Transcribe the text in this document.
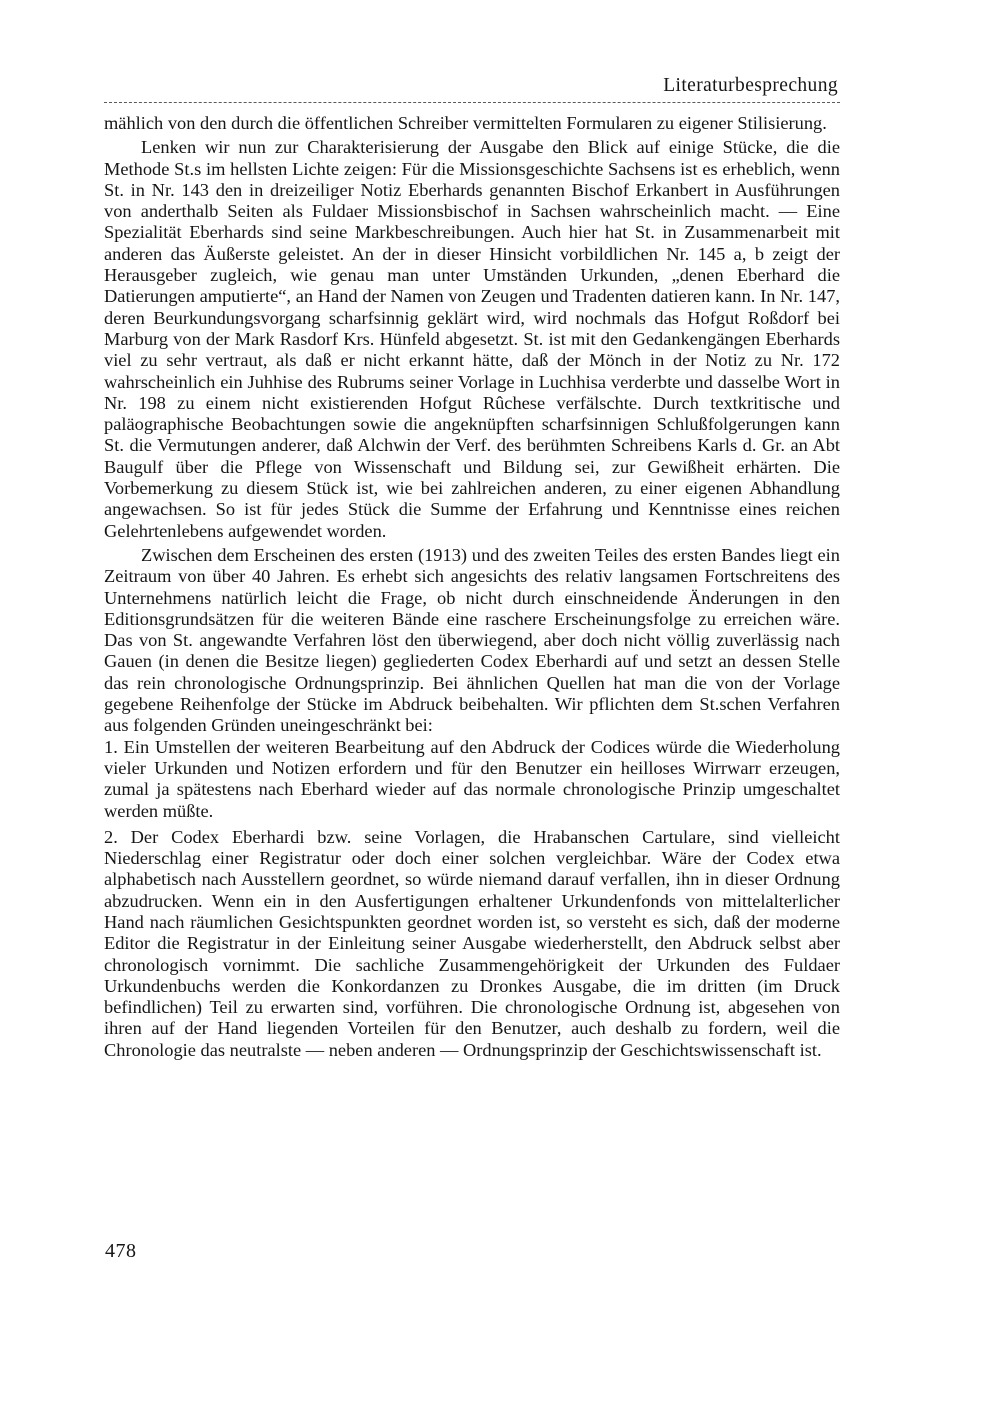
Literaturbesprechung

mählich von den durch die öffentlichen Schreiber vermittelten Formularen zu eigener Stilisierung.

Lenken wir nun zur Charakterisierung der Ausgabe den Blick auf einige Stücke, die die Methode St.s im hellsten Lichte zeigen: Für die Missionsgeschichte Sachsens ist es erheblich, wenn St. in Nr. 143 den in dreizeiliger Notiz Eberhards genannten Bischof Erkanbert in Ausführungen von anderthalb Seiten als Fuldaer Missionsbischof in Sachsen wahrscheinlich macht. — Eine Spezialität Eberhards sind seine Markbeschreibungen. Auch hier hat St. in Zusammenarbeit mit anderen das Äußerste geleistet. An der in dieser Hinsicht vorbildlichen Nr. 145 a, b zeigt der Herausgeber zugleich, wie genau man unter Umständen Urkunden, „denen Eberhard die Datierungen amputierte“, an Hand der Namen von Zeugen und Tradenten datieren kann. In Nr. 147, deren Beurkundungsvorgang scharfsinnig geklärt wird, wird nochmals das Hofgut Roßdorf bei Marburg von der Mark Rasdorf Krs. Hünfeld abgesetzt. St. ist mit den Gedankengängen Eberhards viel zu sehr vertraut, als daß er nicht erkannt hätte, daß der Mönch in der Notiz zu Nr. 172 wahrscheinlich ein Juhhise des Rubrums seiner Vorlage in Luchhisa verderbte und dasselbe Wort in Nr. 198 zu einem nicht existierenden Hofgut Rûchese verfälschte. Durch textkritische und paläographische Beobachtungen sowie die angeknüpften scharfsinnigen Schlußfolgerungen kann St. die Vermutungen anderer, daß Alchwin der Verf. des berühmten Schreibens Karls d. Gr. an Abt Baugulf über die Pflege von Wissenschaft und Bildung sei, zur Gewißheit erhärten. Die Vorbemerkung zu diesem Stück ist, wie bei zahlreichen anderen, zu einer eigenen Abhandlung angewachsen. So ist für jedes Stück die Summe der Erfahrung und Kenntnisse eines reichen Gelehrtenlebens aufgewendet worden.

Zwischen dem Erscheinen des ersten (1913) und des zweiten Teiles des ersten Bandes liegt ein Zeitraum von über 40 Jahren. Es erhebt sich angesichts des relativ langsamen Fortschreitens des Unternehmens natürlich leicht die Frage, ob nicht durch einschneidende Änderungen in den Editionsgrundsätzen für die weiteren Bände eine raschere Erscheinungsfolge zu erreichen wäre. Das von St. angewandte Verfahren löst den überwiegend, aber doch nicht völlig zuverlässig nach Gauen (in denen die Besitze liegen) gegliederten Codex Eberhardi auf und setzt an dessen Stelle das rein chronologische Ordnungsprinzip. Bei ähnlichen Quellen hat man die von der Vorlage gegebene Reihenfolge der Stücke im Abdruck beibehalten. Wir pflichten dem St.schen Verfahren aus folgenden Gründen uneingeschränkt bei:

1. Ein Umstellen der weiteren Bearbeitung auf den Abdruck der Codices würde die Wiederholung vieler Urkunden und Notizen erfordern und für den Benutzer ein heilloses Wirrwarr erzeugen, zumal ja spätestens nach Eberhard wieder auf das normale chronologische Prinzip umgeschaltet werden müßte.

2. Der Codex Eberhardi bzw. seine Vorlagen, die Hrabanschen Cartulare, sind vielleicht Niederschlag einer Registratur oder doch einer solchen vergleichbar. Wäre der Codex etwa alphabetisch nach Ausstellern geordnet, so würde niemand darauf verfallen, ihn in dieser Ordnung abzudrucken. Wenn ein in den Ausfertigungen erhaltener Urkundenfonds von mittelalterlicher Hand nach räumlichen Gesichtspunkten geordnet worden ist, so versteht es sich, daß der moderne Editor die Registratur in der Einleitung seiner Ausgabe wiederherstellt, den Abdruck selbst aber chronologisch vornimmt. Die sachliche Zusammengehörigkeit der Urkunden des Fuldaer Urkundenbuchs werden die Konkordanzen zu Dronkes Ausgabe, die im dritten (im Druck befindlichen) Teil zu erwarten sind, vorführen. Die chronologische Ordnung ist, abgesehen von ihren auf der Hand liegenden Vorteilen für den Benutzer, auch deshalb zu fordern, weil die Chronologie das neutralste — neben anderen — Ordnungsprinzip der Geschichtswissenschaft ist.

478
